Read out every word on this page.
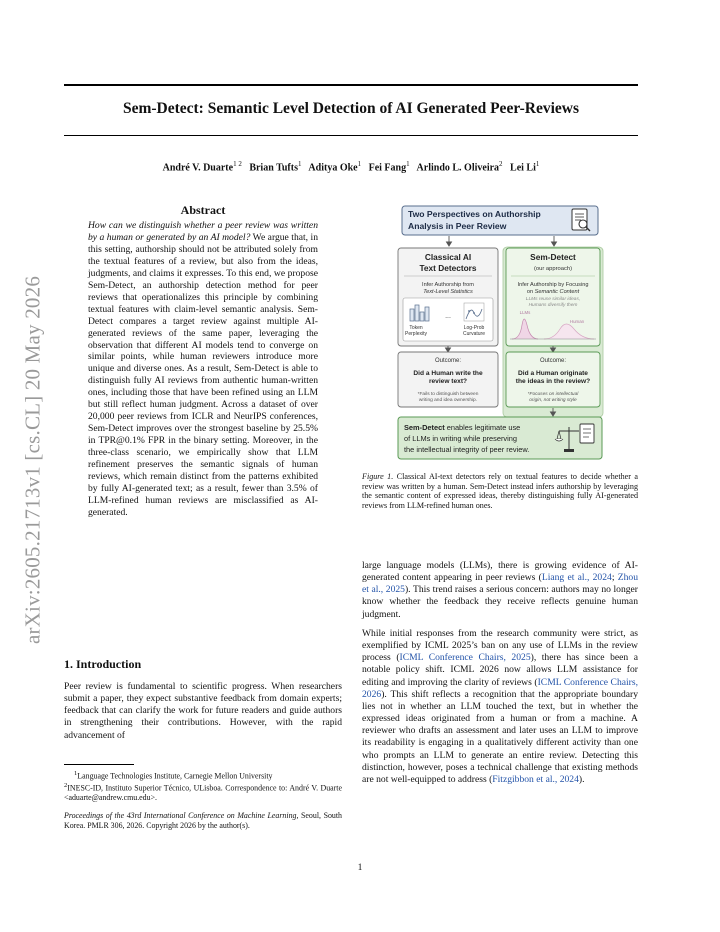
Sem-Detect: Semantic Level Detection of AI Generated Peer-Reviews
André V. Duarte$^{1 2}$ Brian Tufts$^1$ Aditya Oke$^1$ Fei Fang$^1$ Arlindo L. Oliveira$^2$ Lei Li$^1$
arXiv:2605.21713v1 [cs.CL] 20 May 2026
Abstract
How can we distinguish whether a peer review was written by a human or generated by an AI model? We argue that, in this setting, authorship should not be attributed solely from the textual features of a review, but also from the ideas, judgments, and claims it expresses. To this end, we propose Sem-Detect, an authorship detection method for peer reviews that operationalizes this principle by combining textual features with claim-level semantic analysis. Sem-Detect compares a target review against multiple AI-generated reviews of the same paper, leveraging the observation that different AI models tend to converge on similar points, while human reviewers introduce more unique and diverse ones. As a result, Sem-Detect is able to distinguish fully AI reviews from authentic human-written ones, including those that have been refined using an LLM but still reflect human judgment. Across a dataset of over 20,000 peer reviews from ICLR and NeurIPS conferences, Sem-Detect improves over the strongest baseline by 25.5% in TPR@0.1% FPR in the binary setting. Moreover, in the three-class scenario, we empirically show that LLM refinement preserves the semantic signals of human reviews, which remain distinct from the patterns exhibited by fully AI-generated text; as a result, fewer than 3.5% of LLM-refined human reviews are misclassified as AI-generated.
1. Introduction
Peer review is fundamental to scientific progress. When researchers submit a paper, they expect substantive feedback from domain experts; feedback that can clarify the work for future readers and guide authors in strengthening their contributions. However, with the rapid advancement of

$^1$Language Technologies Institute, Carnegie Mellon University

$^2$INESC-ID, Instituto Superior Técnico, ULisboa. Correspondence to: André V. Duarte <aduarte@andrew.cmu.edu>.

Proceedings of the 43rd International Conference on Machine Learning, Seoul, South Korea. PMLR 306, 2026. Copyright 2026 by the author(s).

Two Perspectives on Authorship
Analysis in Peer Review
Classical AI
Text Detectors
Infer Authorship from
Text-Level Statistics
Token
Perplexity
...
Log-Prob
Curvature
Sem-Detect
(our approach)
Infer Authorship by Focusing
on Semantic Content
LLMs reuse similar ideas,
Humans diversify them
LLMs
Human
Outcome:
Did a Human write the
review text?
*Fails to distinguish between
writing and idea ownership.
Outcome:
Did a Human originate
the ideas in the review?
*Focuses on intellectual
origin, not writing style
Sem-Detect enables legitimate use
of LLMs in writing while preserving
the intellectual integrity of peer review.
Figure 1. Classical AI-text detectors rely on textual features to decide whether a review was written by a human. Sem-Detect instead infers authorship by leveraging the semantic content of expressed ideas, thereby distinguishing fully AI-generated reviews from LLM-refined human ones.
large language models (LLMs), there is growing evidence of AI-generated content appearing in peer reviews (Liang et al., 2024; Zhou et al., 2025). This trend raises a serious concern: authors may no longer know whether the feedback they receive reflects genuine human judgment.
While initial responses from the research community were strict, as exemplified by ICML 2025’s ban on any use of LLMs in the review process (ICML Conference Chairs, 2025), there has since been a notable policy shift. ICML 2026 now allows LLM assistance for editing and improving the clarity of reviews (ICML Conference Chairs, 2026). This shift reflects a recognition that the appropriate boundary lies not in whether an LLM touched the text, but in whether the expressed ideas originated from a human or from a machine. A reviewer who drafts an assessment and later uses an LLM to improve its readability is engaging in a qualitatively different activity than one who prompts an LLM to generate an entire review. Detecting this distinction, however, poses a technical challenge that existing methods are not well-equipped to address (Fitzgibbon et al., 2024).
1
